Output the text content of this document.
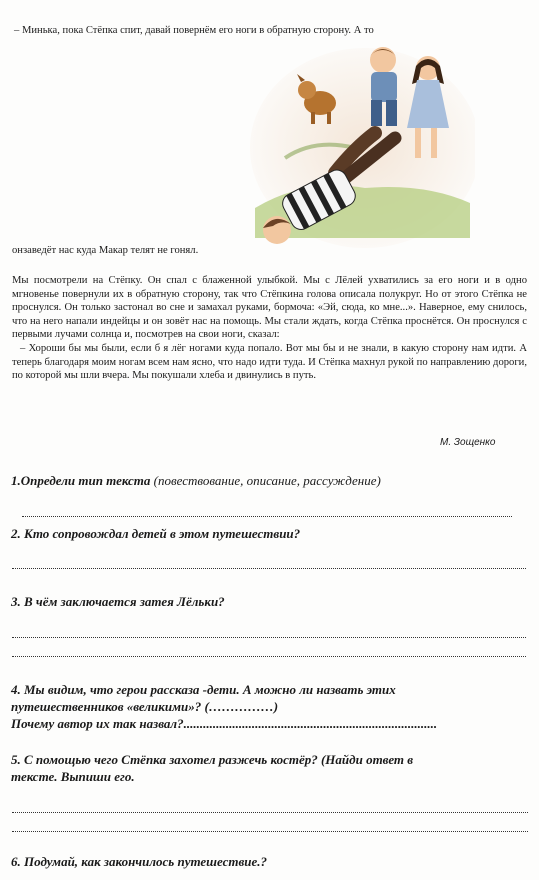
– Минька, пока Стёпка спит, давай повернём его ноги в обратную сторону. А то
онзаведёт нас куда Макар телят не гонял.

Мы посмотрели на Стёпку. Он спал с блаженной улыбкой. Мы с Лёлей ухватились за его ноги и в одно мгновенье повернули их в обратную сторону, так что Стёпкина голова описала полукруг. Но от этого Стёпка не проснулся. Он только застонал во сне и замахал руками, бормоча: «Эй, сюда, ко мне...». Наверное, ему снилось, что на него напали индейцы и он зовёт нас на помощь. Мы стали ждать, когда Стёпка проснётся. Он проснулся с первыми лучами солнца и, посмотрев на свои ноги, сказал:

– Хороши бы мы были, если б я лёг ногами куда попало. Вот мы бы и не знали, в какую сторону нам идти. А теперь благодаря моим ногам всем нам ясно, что надо идти туда. И Стёпка махнул рукой по направлению дороги, по которой мы шли вчера. Мы покушали хлеба и двинулись в путь.

М. Зощенко
1.Определи тип текста (повествование, описание, рассуждение)
2. Кто сопровождал детей в этом путешествии?
3. В чём заключается затея Лёльки?
4. Мы видим, что герои рассказа -дети. А можно ли назвать этих
путешественников «великими»? (……………)
Почему автор их так назвал?..............................................................................
5. С помощью чего Стёпка захотел разжечь костёр? (Найди ответ в
тексте. Выпиши его.
6. Подумай, как закончилось путешествие.?
